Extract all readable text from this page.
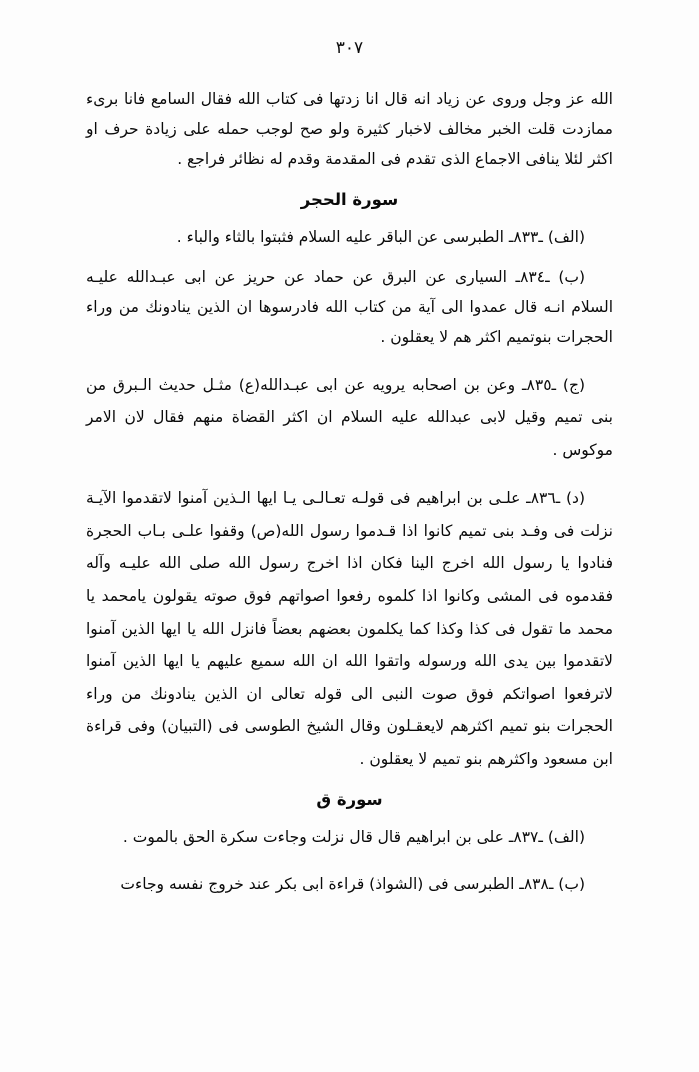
٣٠٧

الله عز وجل وروى عن زياد انه قال انا زدتها فى كتاب الله فقال السامع فانا برىء ممازدت قلت الخبر مخالف لاخبار كثيرة ولو صح لوجب حمله على زيادة حرف او اكثر لئلا ينافى الاجماع الذى تقدم فى المقدمة وقدم له نظائر فراجع .

سورة الحجر

(الف) ـ٨٣٣ـ الطبرسى عن الباقر عليه السلام فثبتوا بالثاء والباء .

(ب) ـ٨٣٤ـ السيارى عن البرق عن حماد عن حريز عن ابى عبـدالله عليـه السلام انـه قال عمدوا الى آية من كتاب الله فادرسوها ان الذين ينادونك من وراء الحجرات بنوتميم اكثر هم لا يعقلون .

(ج) ـ٨٣٥ـ وعن بن اصحابه يرويه عن ابى عبـدالله(ع) مثـل حديث الـبرق من بنى تميم وقيل لابى عبدالله عليه السلام ان اكثر القضاة منهم فقال لان الامر موكوس .

(د) ـ٨٣٦ـ علـى بن ابراهيم فى قولـه تعـالـى يـا ايها الـذين آمنوا لاتقدموا الآيـة نزلت فى وفـد بنى تميم كانوا اذا قـدموا رسول الله(ص) وقفوا علـى بـاب الحجرة فنادوا يا رسول الله اخرج الينا فكان اذا اخرج رسول الله صلى الله عليـه وآله فقدموه فى المشى وكانوا اذا كلموه رفعوا اصواتهم فوق صوته يقولون يامحمد يا محمد ما تقول فى كذا وكذا كما يكلمون بعضهم بعضاً فانزل الله يا ايها الذين آمنوا لاتقدموا بين يدى الله ورسوله واتقوا الله ان الله سميع عليهم يا ايها الذين آمنوا لاترفعوا اصواتكم فوق صوت النبى الى قوله تعالى ان الذين ينادونك من وراء الحجرات بنو تميم اكثرهم لايعقـلون وقال الشيخ الطوسى فى (التبيان) وفى قراءة ابن مسعود واكثرهم بنو تميم لا يعقلون .

سورة ق

(الف) ـ٨٣٧ـ على بن ابراهيم قال قال نزلت وجاءت سكرة الحق بالموت .

(ب) ـ٨٣٨ـ الطبرسى فى (الشواذ) قراءة ابى بكر عند خروج نفسه وجاءت
